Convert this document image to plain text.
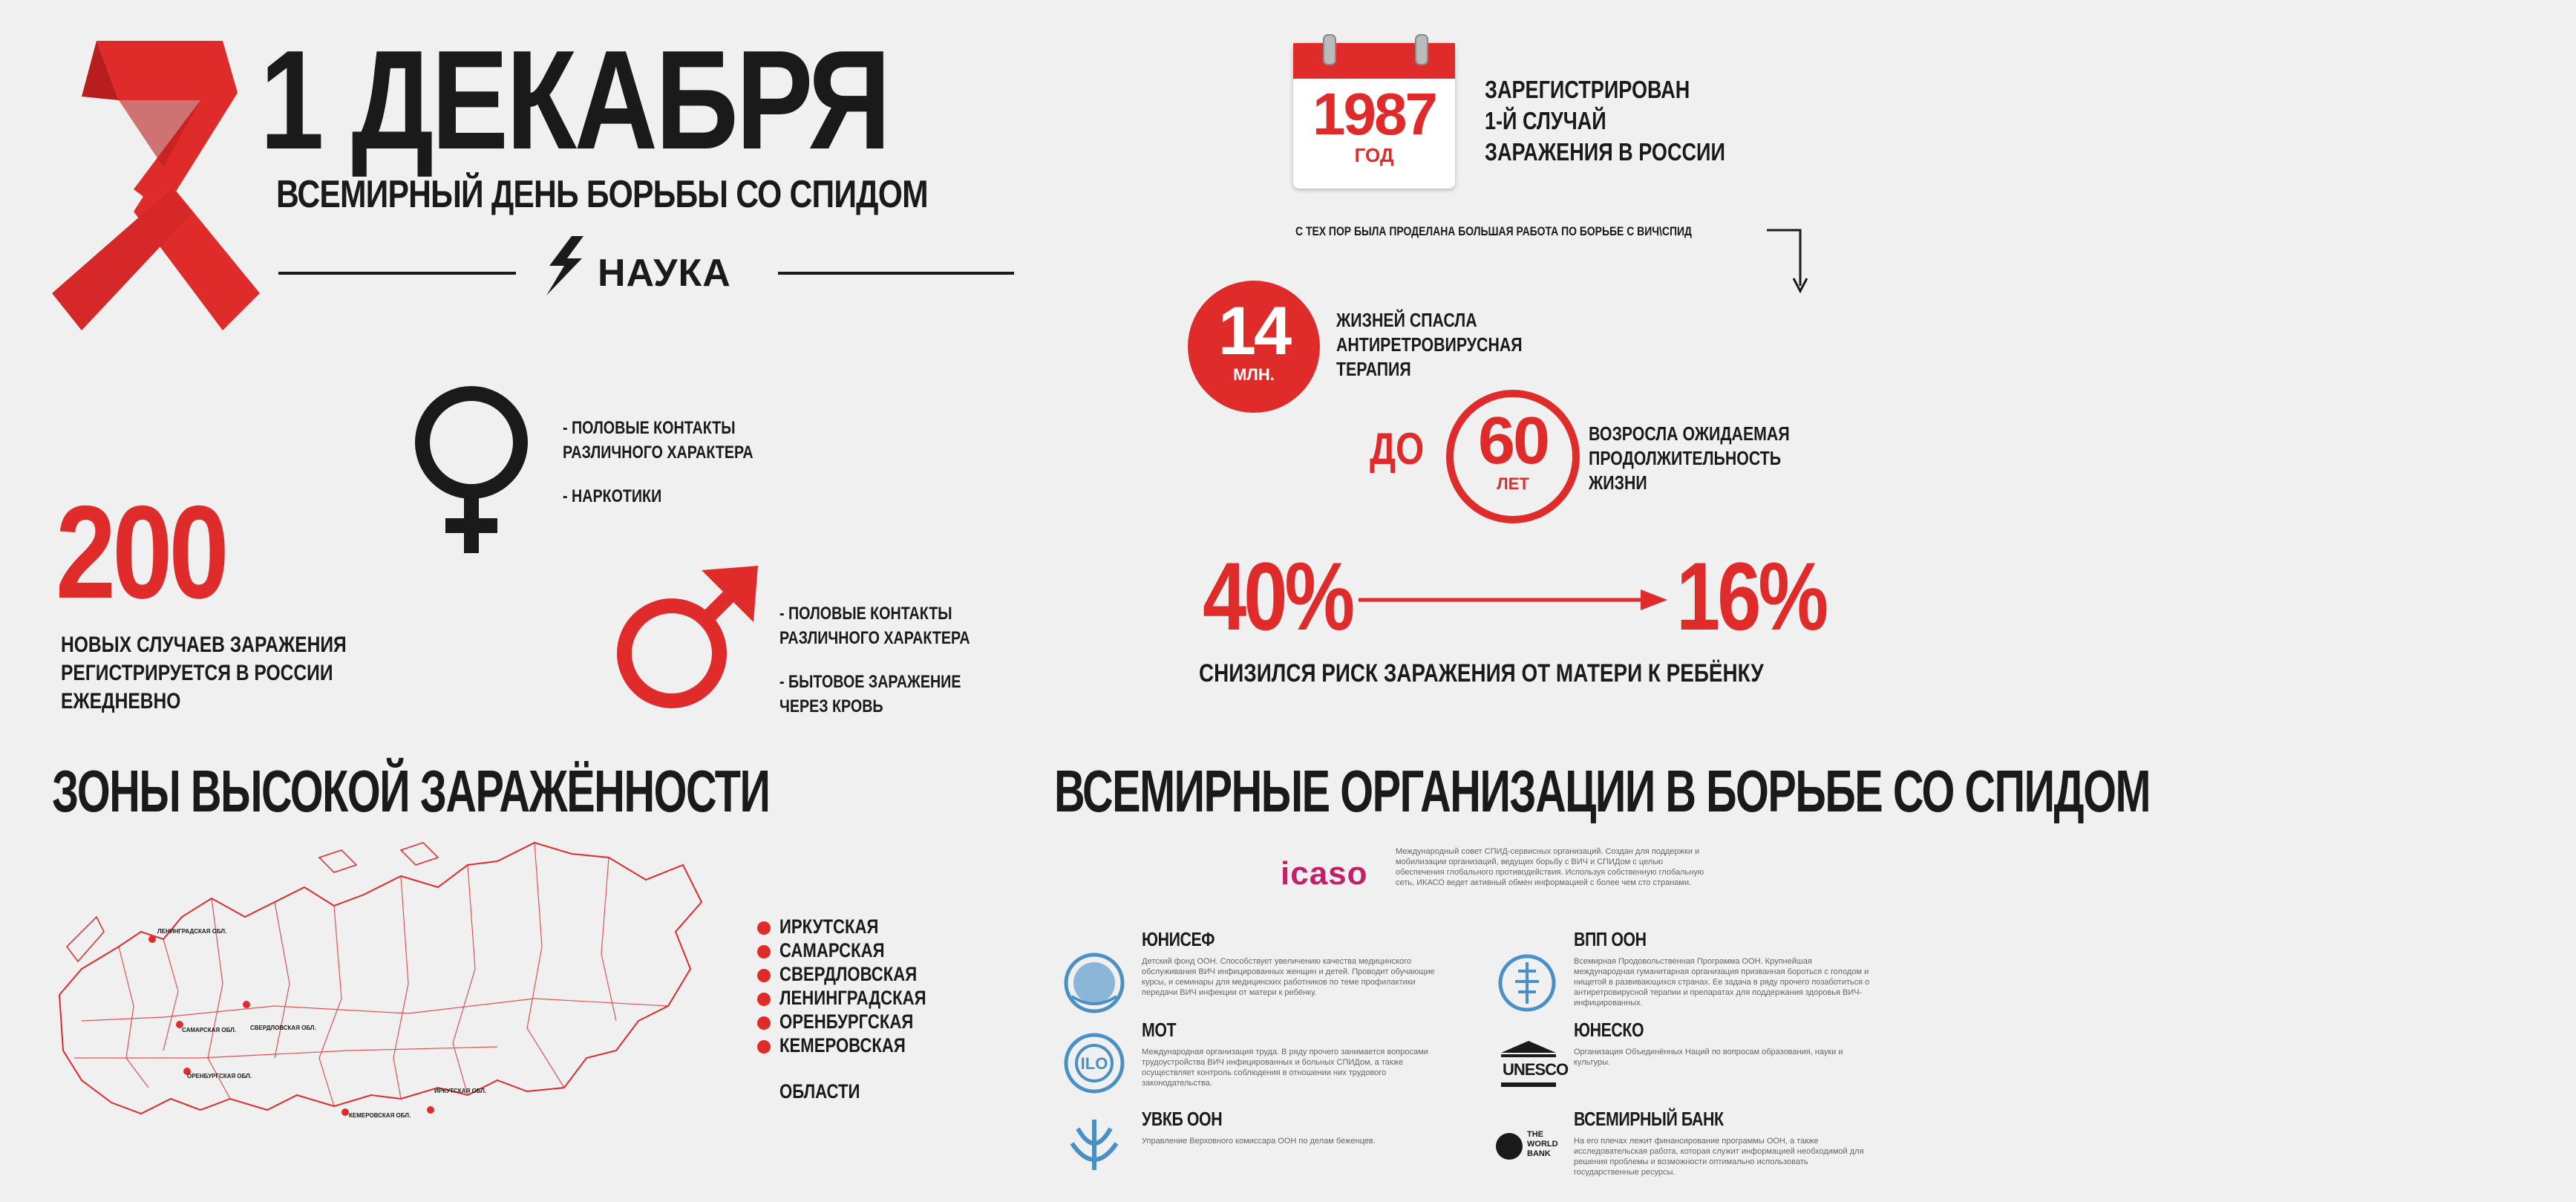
1 ДЕКАБРЯ
ВСЕМИРНЫЙ ДЕНЬ БОРЬБЫ СО СПИДОМ
НАУКА
200
НОВЫХ СЛУЧАЕВ ЗАРАЖЕНИЯ
РЕГИСТРИРУЕТСЯ В РОССИИ
ЕЖЕДНЕВНО
- ПОЛОВЫЕ КОНТАКТЫ
РАЗЛИЧНОГО ХАРАКТЕРА
- НАРКОТИКИ
- ПОЛОВЫЕ КОНТАКТЫ
РАЗЛИЧНОГО ХАРАКТЕРА
- БЫТОВОЕ ЗАРАЖЕНИЕ
ЧЕРЕЗ КРОВЬ
1987
ГОД
ЗАРЕГИСТРИРОВАН
1-Й СЛУЧАЙ
ЗАРАЖЕНИЯ В РОССИИ
С ТЕХ ПОР БЫЛА ПРОДЕЛАНА БОЛЬШАЯ РАБОТА ПО БОРЬБЕ С ВИЧ\СПИД
14
МЛН.
ЖИЗНЕЙ СПАСЛА
АНТИРЕТРОВИРУСНАЯ
ТЕРАПИЯ
ДО 60
ЛЕТ
ВОЗРОСЛА ОЖИДАЕМАЯ
ПРОДОЛЖИТЕЛЬНОСТЬ
ЖИЗНИ
40%	16%
СНИЗИЛСЯ РИСК ЗАРАЖЕНИЯ ОТ МАТЕРИ К РЕБЁНКУ
ЗОНЫ ВЫСОКОЙ ЗАРАЖЁННОСТИ
ЛЕНИНГРАДСКАЯ ОБЛ.
САМАРСКАЯ ОБЛ. СВЕРДЛОВСКАЯ ОБЛ.
ОРЕНБУРГСКАЯ ОБЛ.
КЕМЕРОВСКАЯ ОБЛ.
ИРКУТСКАЯ ОБЛ.
ИРКУТСКАЯ
САМАРСКАЯ
СВЕРДЛОВСКАЯ
ЛЕНИНГРАДСКАЯ
ОРЕНБУРГСКАЯ
КЕМЕРОВСКАЯ
ОБЛАСТИ
ВСЕМИРНЫЕ ОРГАНИЗАЦИИ В БОРЬБЕ СО СПИДОМ
icaso
Международный совет СПИД-сервисных организаций. Создан для поддержки и мобилизации организаций, ведущих борьбу с ВИЧ и СПИДом с целью обеспечения глобального противодействия. Используя собственную глобальную сеть, ИКАСО ведет активный обмен информацией с более чем сто странами.
ЮНИСЕФ
Детский фонд ООН. Способствует увеличению качества медицинского обслуживания ВИЧ инфицированных женщин и детей. Проводит обучающие курсы, и семинары для медицинских работников по теме профилактики передачи ВИЧ инфекции от матери к ребёнку.
ILO
МОТ
Международная организация труда. В ряду прочего занимается вопросами трудоустройства ВИЧ инфицированных и больных СПИДом, а также осуществляет контроль соблюдения в отношении них трудового законодательства.
УВКБ ООН
Управление Верховного комиссара ООН по делам беженцев.
ВПП ООН
Всемирная Продовольственная Программа ООН. Крупнейшая международная гуманитарная организация призванная бороться с голодом и нищетой в развивающихся странах. Ее задача в ряду прочего позаботиться о антиретровирусной терапии и препаратах для поддержания здоровья ВИЧ-инфицированных.
UNESCO
ЮНЕСКО
Организация Объединённых Наций по вопросам образования, науки и культуры.
THE
WORLD
BANK
ВСЕМИРНЫЙ БАНК
На его плечах лежит финансирование программы ООН, а также исследовательская работа, которая служит информацией необходимой для решения проблемы и возможности оптимально использовать государственные ресурсы.
